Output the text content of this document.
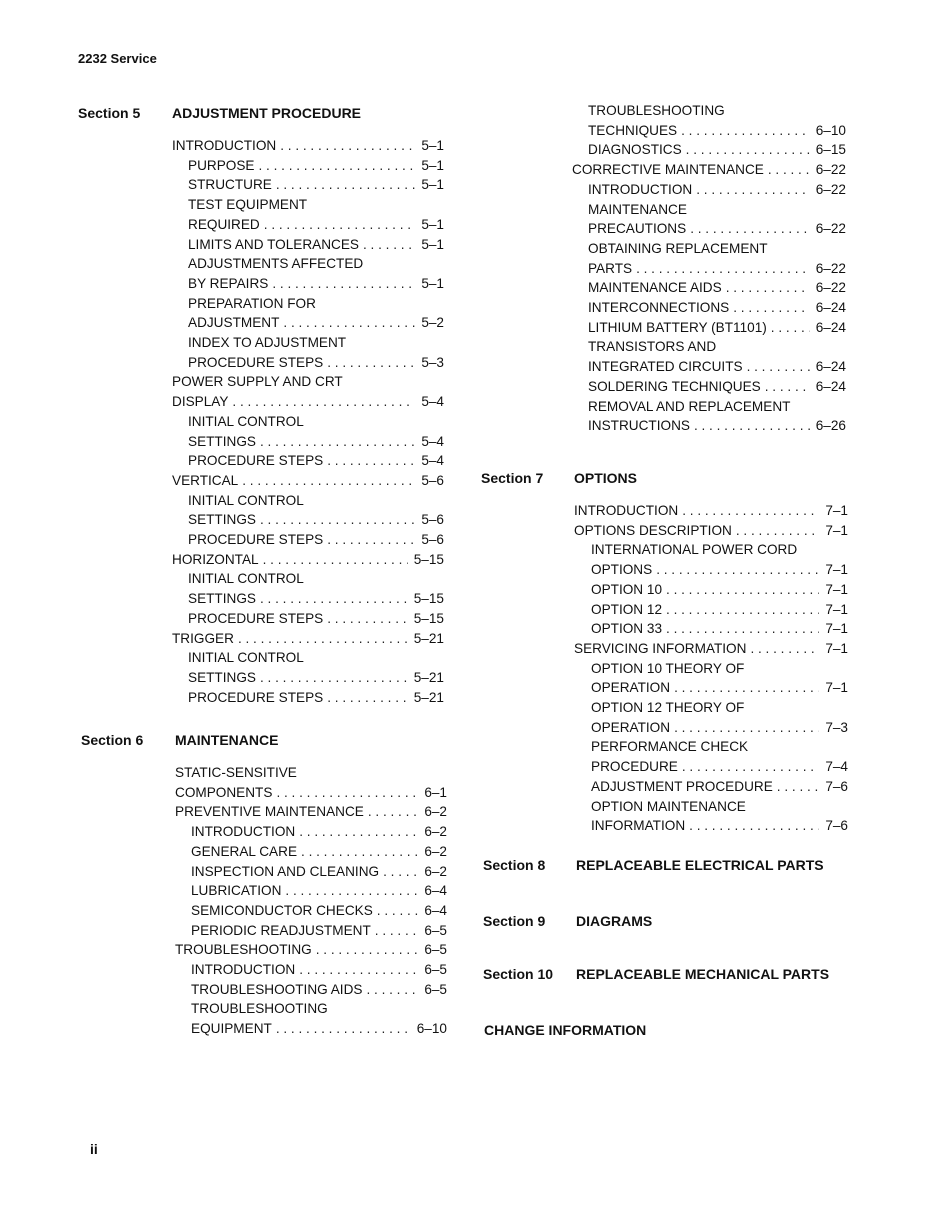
2232 Service
Section 5 ADJUSTMENT PROCEDURE
Section 6 MAINTENANCE
Section 7 OPTIONS
Section 8 REPLACEABLE ELECTRICAL PARTS
Section 9 DIAGRAMS
Section 10 REPLACEABLE MECHANICAL PARTS
CHANGE INFORMATION
INTRODUCTION . . .	5–1
PURPOSE . . .	5–1
STRUCTURE . . .	5–1
TEST EQUIPMENT
REQUIRED . . .	5–1
LIMITS AND TOLERANCES . . .	5–1
ADJUSTMENTS AFFECTED
BY REPAIRS . . .	5–1
PREPARATION FOR
ADJUSTMENT . . .	5–2
INDEX TO ADJUSTMENT
PROCEDURE STEPS . . .	5–3
POWER SUPPLY AND CRT
DISPLAY . . .	5–4
INITIAL CONTROL
SETTINGS . . .	5–4
PROCEDURE STEPS . . .	5–4
VERTICAL . . .	5–6
INITIAL CONTROL
SETTINGS . . .	5–6
PROCEDURE STEPS . . .	5–6
HORIZONTAL . . .	5–15
INITIAL CONTROL
SETTINGS . . .	5–15
PROCEDURE STEPS . . .	5–15
TRIGGER . . .	5–21
INITIAL CONTROL
SETTINGS . . .	5–21
PROCEDURE STEPS . . .	5–21
STATIC-SENSITIVE
COMPONENTS . . .	6–1
PREVENTIVE MAINTENANCE . . .	6–2
INTRODUCTION . . .	6–2
GENERAL CARE . . .	6–2
INSPECTION AND CLEANING . . .	6–2
LUBRICATION . . .	6–4
SEMICONDUCTOR CHECKS . . .	6–4
PERIODIC READJUSTMENT . . .	6–5
TROUBLESHOOTING . . .	6–5
INTRODUCTION . . .	6–5
TROUBLESHOOTING AIDS . . .	6–5
TROUBLESHOOTING
EQUIPMENT . . .	6–10
TROUBLESHOOTING
TECHNIQUES . . .	6–10
DIAGNOSTICS . . .	6–15
CORRECTIVE MAINTENANCE . . .	6–22
INTRODUCTION . . .	6–22
MAINTENANCE
PRECAUTIONS . . .	6–22
OBTAINING REPLACEMENT
PARTS . . .	6–22
MAINTENANCE AIDS . . .	6–22
INTERCONNECTIONS . . .	6–24
LITHIUM BATTERY (BT1101) . . .	6–24
TRANSISTORS AND
INTEGRATED CIRCUITS . . .	6–24
SOLDERING TECHNIQUES . . .	6–24
REMOVAL AND REPLACEMENT
INSTRUCTIONS . . .	6–26
INTRODUCTION . . .	7–1
OPTIONS DESCRIPTION . . .	7–1
INTERNATIONAL POWER CORD
OPTIONS . . .	7–1
OPTION 10 . . .	7–1
OPTION 12 . . .	7–1
OPTION 33 . . .	7–1
SERVICING INFORMATION . . .	7–1
OPTION 10 THEORY OF
OPERATION . . .	7–1
OPTION 12 THEORY OF
OPERATION . . .	7–3
PERFORMANCE CHECK
PROCEDURE . . .	7–4
ADJUSTMENT PROCEDURE . . .	7–6
OPTION MAINTENANCE
INFORMATION . . .	7–6
ii
